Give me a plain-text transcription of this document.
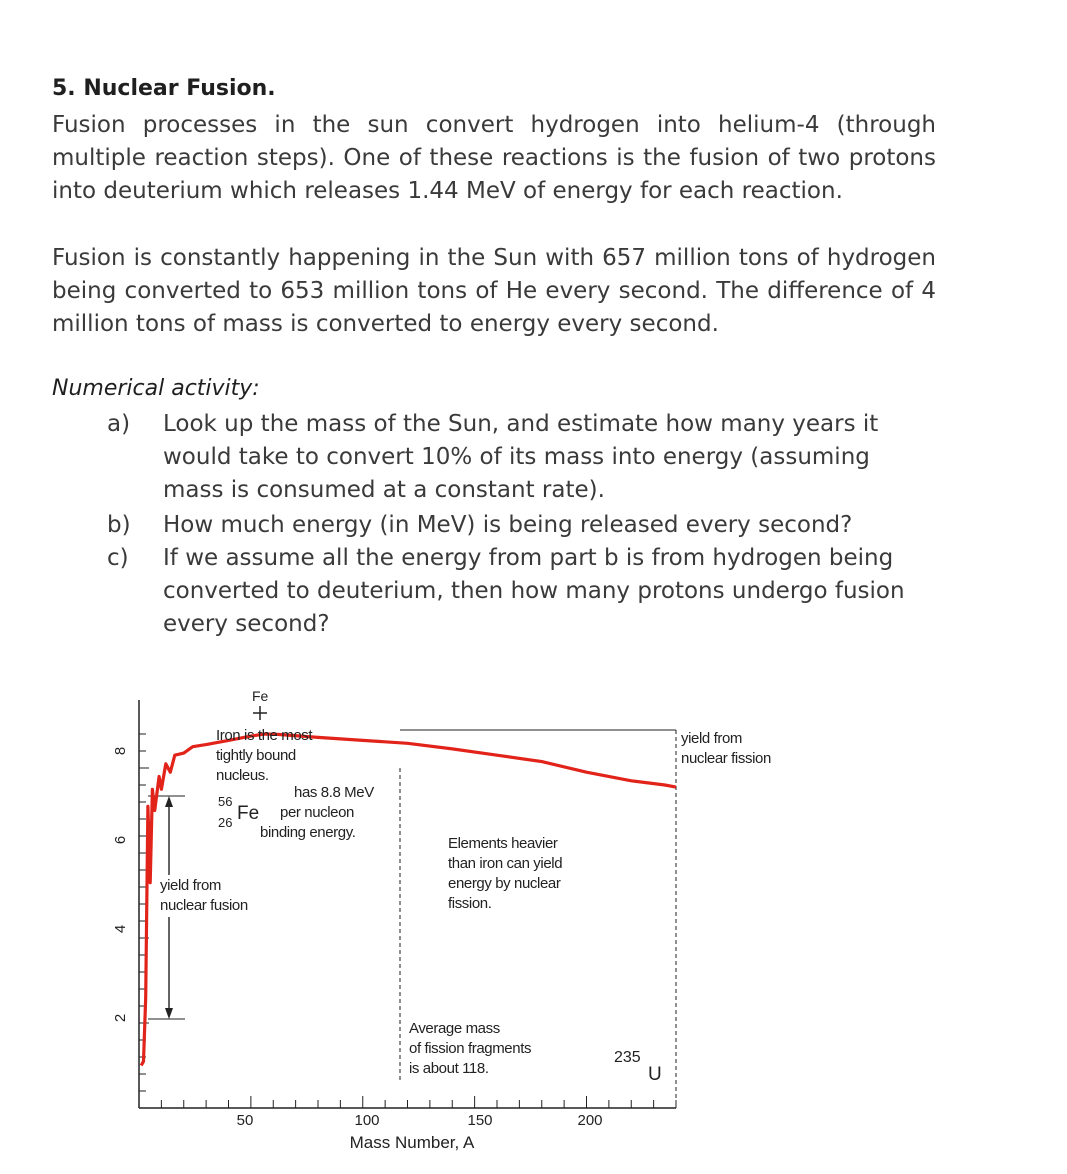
5. Nuclear Fusion.
Fusion processes in the sun convert hydrogen into helium-4 (through multiple reaction steps). One of these reactions is the fusion of two protons into deuterium which releases 1.44 MeV of energy for each reaction.
Fusion is constantly happening in the Sun with 657 million tons of hydrogen being converted to 653 million tons of He every second. The difference of 4 million tons of mass is converted to energy every second.
Numerical activity:
a) Look up the mass of the Sun, and estimate how many years it would take to convert 10% of its mass into energy (assuming mass is consumed at a constant rate).
b) How much energy (in MeV) is being released every second?
c) If we assume all the energy from part b is from hydrogen being converted to deuterium, then how many protons undergo fusion every second?
2
4
6
8
50	100	150	200
Mass Number, A
Fe
Iron is the most tightly bound nucleus.
56
26 Fe
has 8.8 MeV per nucleon binding energy.
yield from nuclear fusion
Elements heavier than iron can yield energy by nuclear fission.
Average mass of fission fragments is about 118.
235
U
yield from nuclear fission
